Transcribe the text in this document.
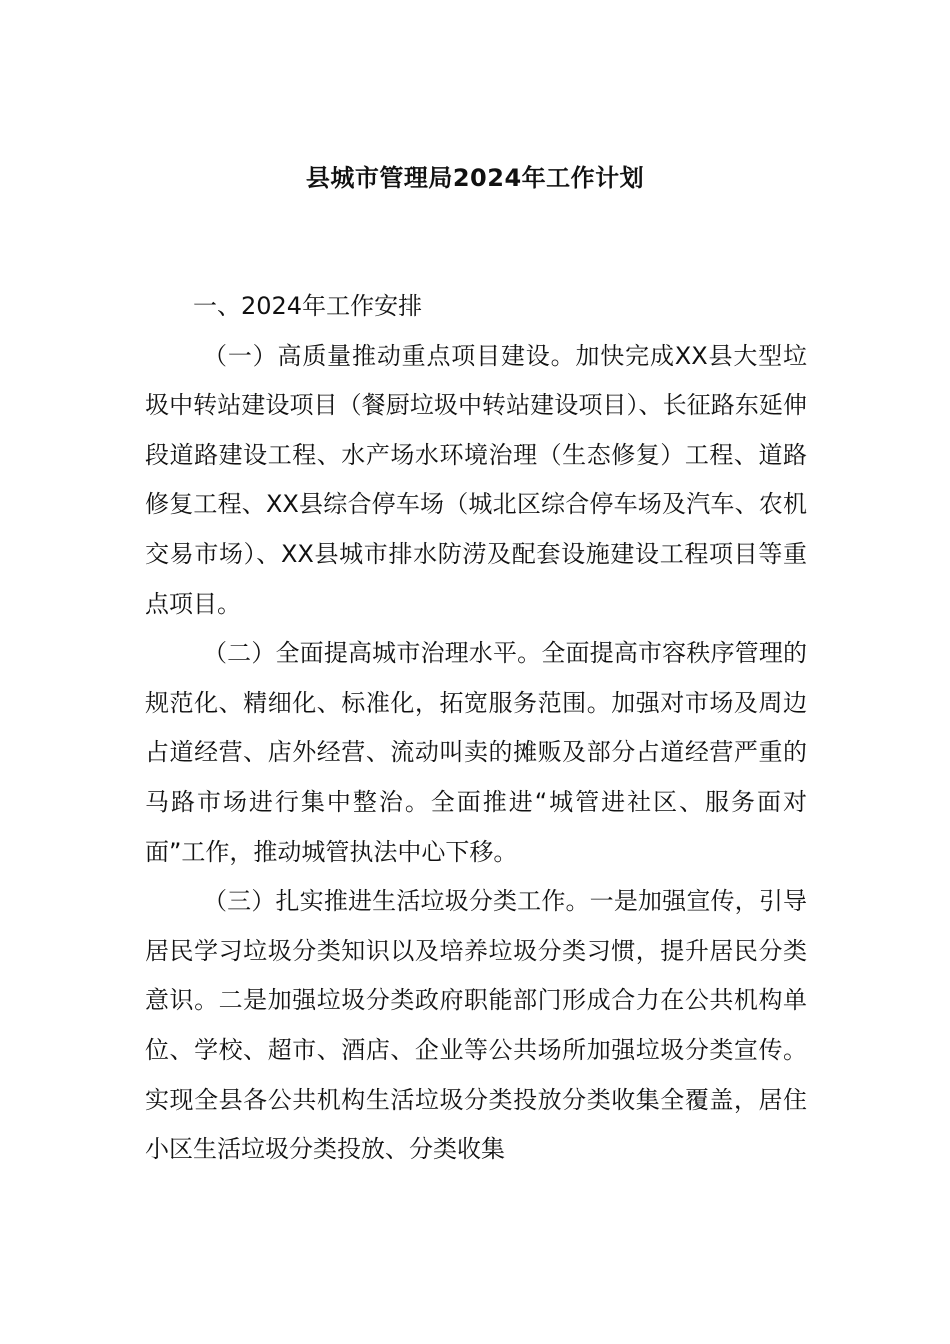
县城市管理局2024年工作计划

一、2024年工作安排

（一）高质量推动重点项目建设。加快完成XX县大型垃圾中转站建设项目（餐厨垃圾中转站建设项目）、长征路东延伸段道路建设工程、水产场水环境治理（生态修复）工程、道路修复工程、XX县综合停车场（城北区综合停车场及汽车、农机交易市场）、XX县城市排水防涝及配套设施建设工程项目等重点项目。

（二）全面提高城市治理水平。全面提高市容秩序管理的规范化、精细化、标准化，拓宽服务范围。加强对市场及周边占道经营、店外经营、流动叫卖的摊贩及部分占道经营严重的马路市场进行集中整治。全面推进“城管进社区、服务面对面”工作，推动城管执法中心下移。

（三）扎实推进生活垃圾分类工作。一是加强宣传，引导居民学习垃圾分类知识以及培养垃圾分类习惯，提升居民分类意识。二是加强垃圾分类政府职能部门形成合力在公共机构单位、学校、超市、酒店、企业等公共场所加强垃圾分类宣传。实现全县各公共机构生活垃圾分类投放分类收集全覆盖，居住小区生活垃圾分类投放、分类收集
